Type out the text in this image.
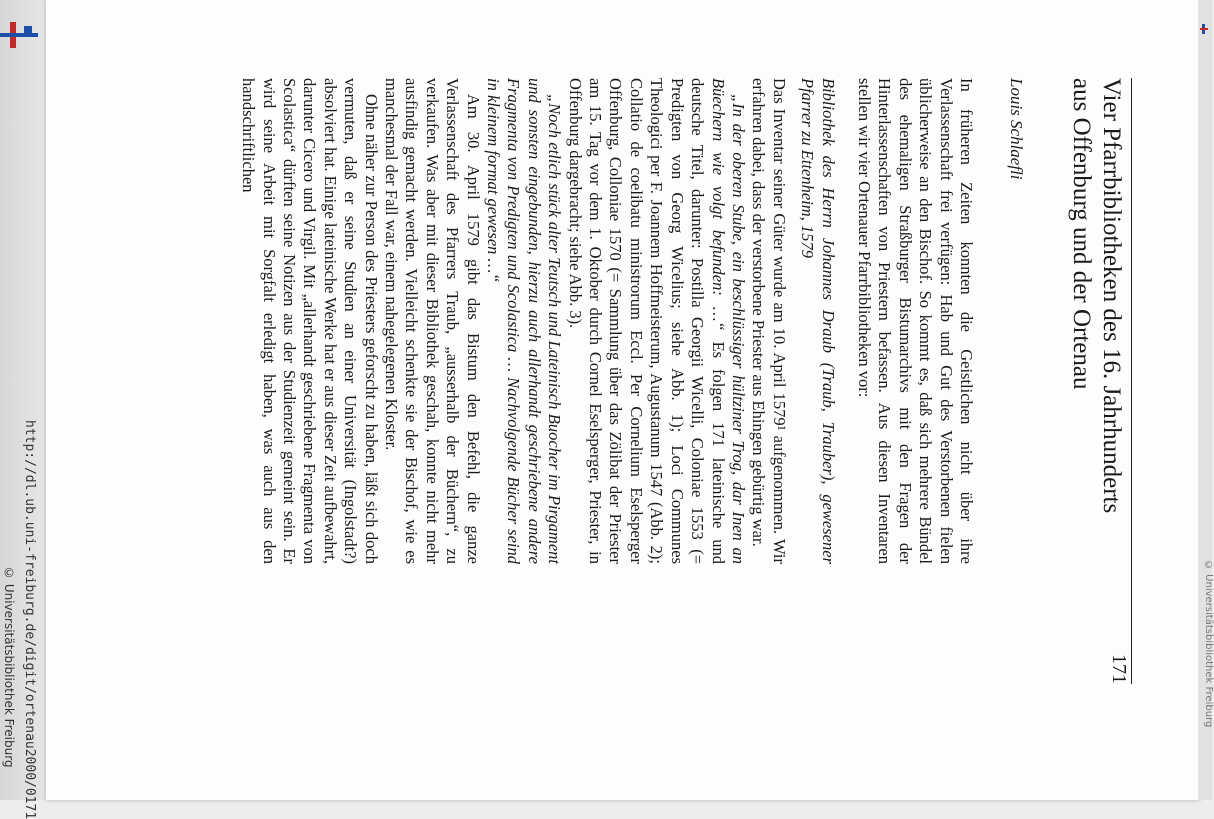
http://dl.ub.uni-freiburg.de/digit/ortenau2000/0171
© Universitätsbibliothek Freiburg	171
Vier Pfarrbibliotheken des 16. Jahrhunderts
aus Offenburg und der Ortenau
Louis Schlaefli

In früheren Zeiten konnten die Geistlichen nicht über ihre Verlassenschaft frei verfügen: Hab und Gut des Verstorbenen fielen üblicherweise an den Bischof. So kommt es, daß sich mehrere Bündel des ehemaligen Straßburger Bistumarchivs mit den Fragen der Hinterlassenschaften von Priestern befassen. Aus diesen Inventaren stellen wir vier Ortenauer Pfarrbibliotheken vor:

Bibliothek des Herrn Johannes Draub (Traub, Trauber), gewesener Pfarrer zu Ettenheim, 1579

Das Inventar seiner Güter wurde am 10. April 1579¹ aufgenommen. Wir erfahren dabei, dass der verstorbene Priester aus Ehingen gebürtig war.

„In der oberen Stube, ein beschlüssiger hültziner Trog, dar Inen an Büechern wie volgt befunden: …“ Es folgen 171 lateinische und deutsche Titel, darunter: Postilla Georgii Wicelli, Coloniae 1553 (= Predigten von Georg Wicelius; siehe Abb. 1); Loci Communes Theologici per F. Joannem Hoffmeisterum, Augustanum 1547 (Abb. 2); Collatio de coelibatu ministrorum Eccl. Per Cornelium Eselsperger Offenburg, Colloniae 1570 (= Sammlung über das Zölibat der Priester am 15. Tag vor dem 1. Oktober durch Cornel Eselsperger, Priester, in Offenburg dargebracht; siehe Abb. 3).

„Noch etlich stück alter Teutsch und Lateinisch Buocher im Pirgament und sonsten eingebunden, hierzu auch allerhandt geschriebene andere Fragmenta von Predigten und Scolastica … Nachvolgende Bücher seind in kleinem format gewesen …“

Am 30. April 1579 gibt das Bistum den Befehl, die ganze Verlassenschaft des Pfarrers Traub, „ausserhalb der Büchern“, zu verkaufen. Was aber mit dieser Bibliothek geschah, konnte nicht mehr ausfindig gemacht werden. Vielleicht schenkte sie der Bischof, wie es manchesmal der Fall war, einem nahegelegenen Kloster.

Ohne näher zur Person des Priesters geforscht zu haben, läßt sich doch vermuten, daß er seine Studien an einer Universität (Ingolstadt?) absolviert hat. Einige lateinische Werke hat er aus dieser Zeit aufbewahrt, darunter Cicero und Virgil. Mit „allerhandt geschriebene Fragmenta von Scolastica“ dürften seine Notizen aus der Studienzeit gemeint sein. Er wird seine Arbeit mit Sorgfalt erledigt haben, was auch aus den handschriftlichen

© Universitätsbibliothek Freiburg
